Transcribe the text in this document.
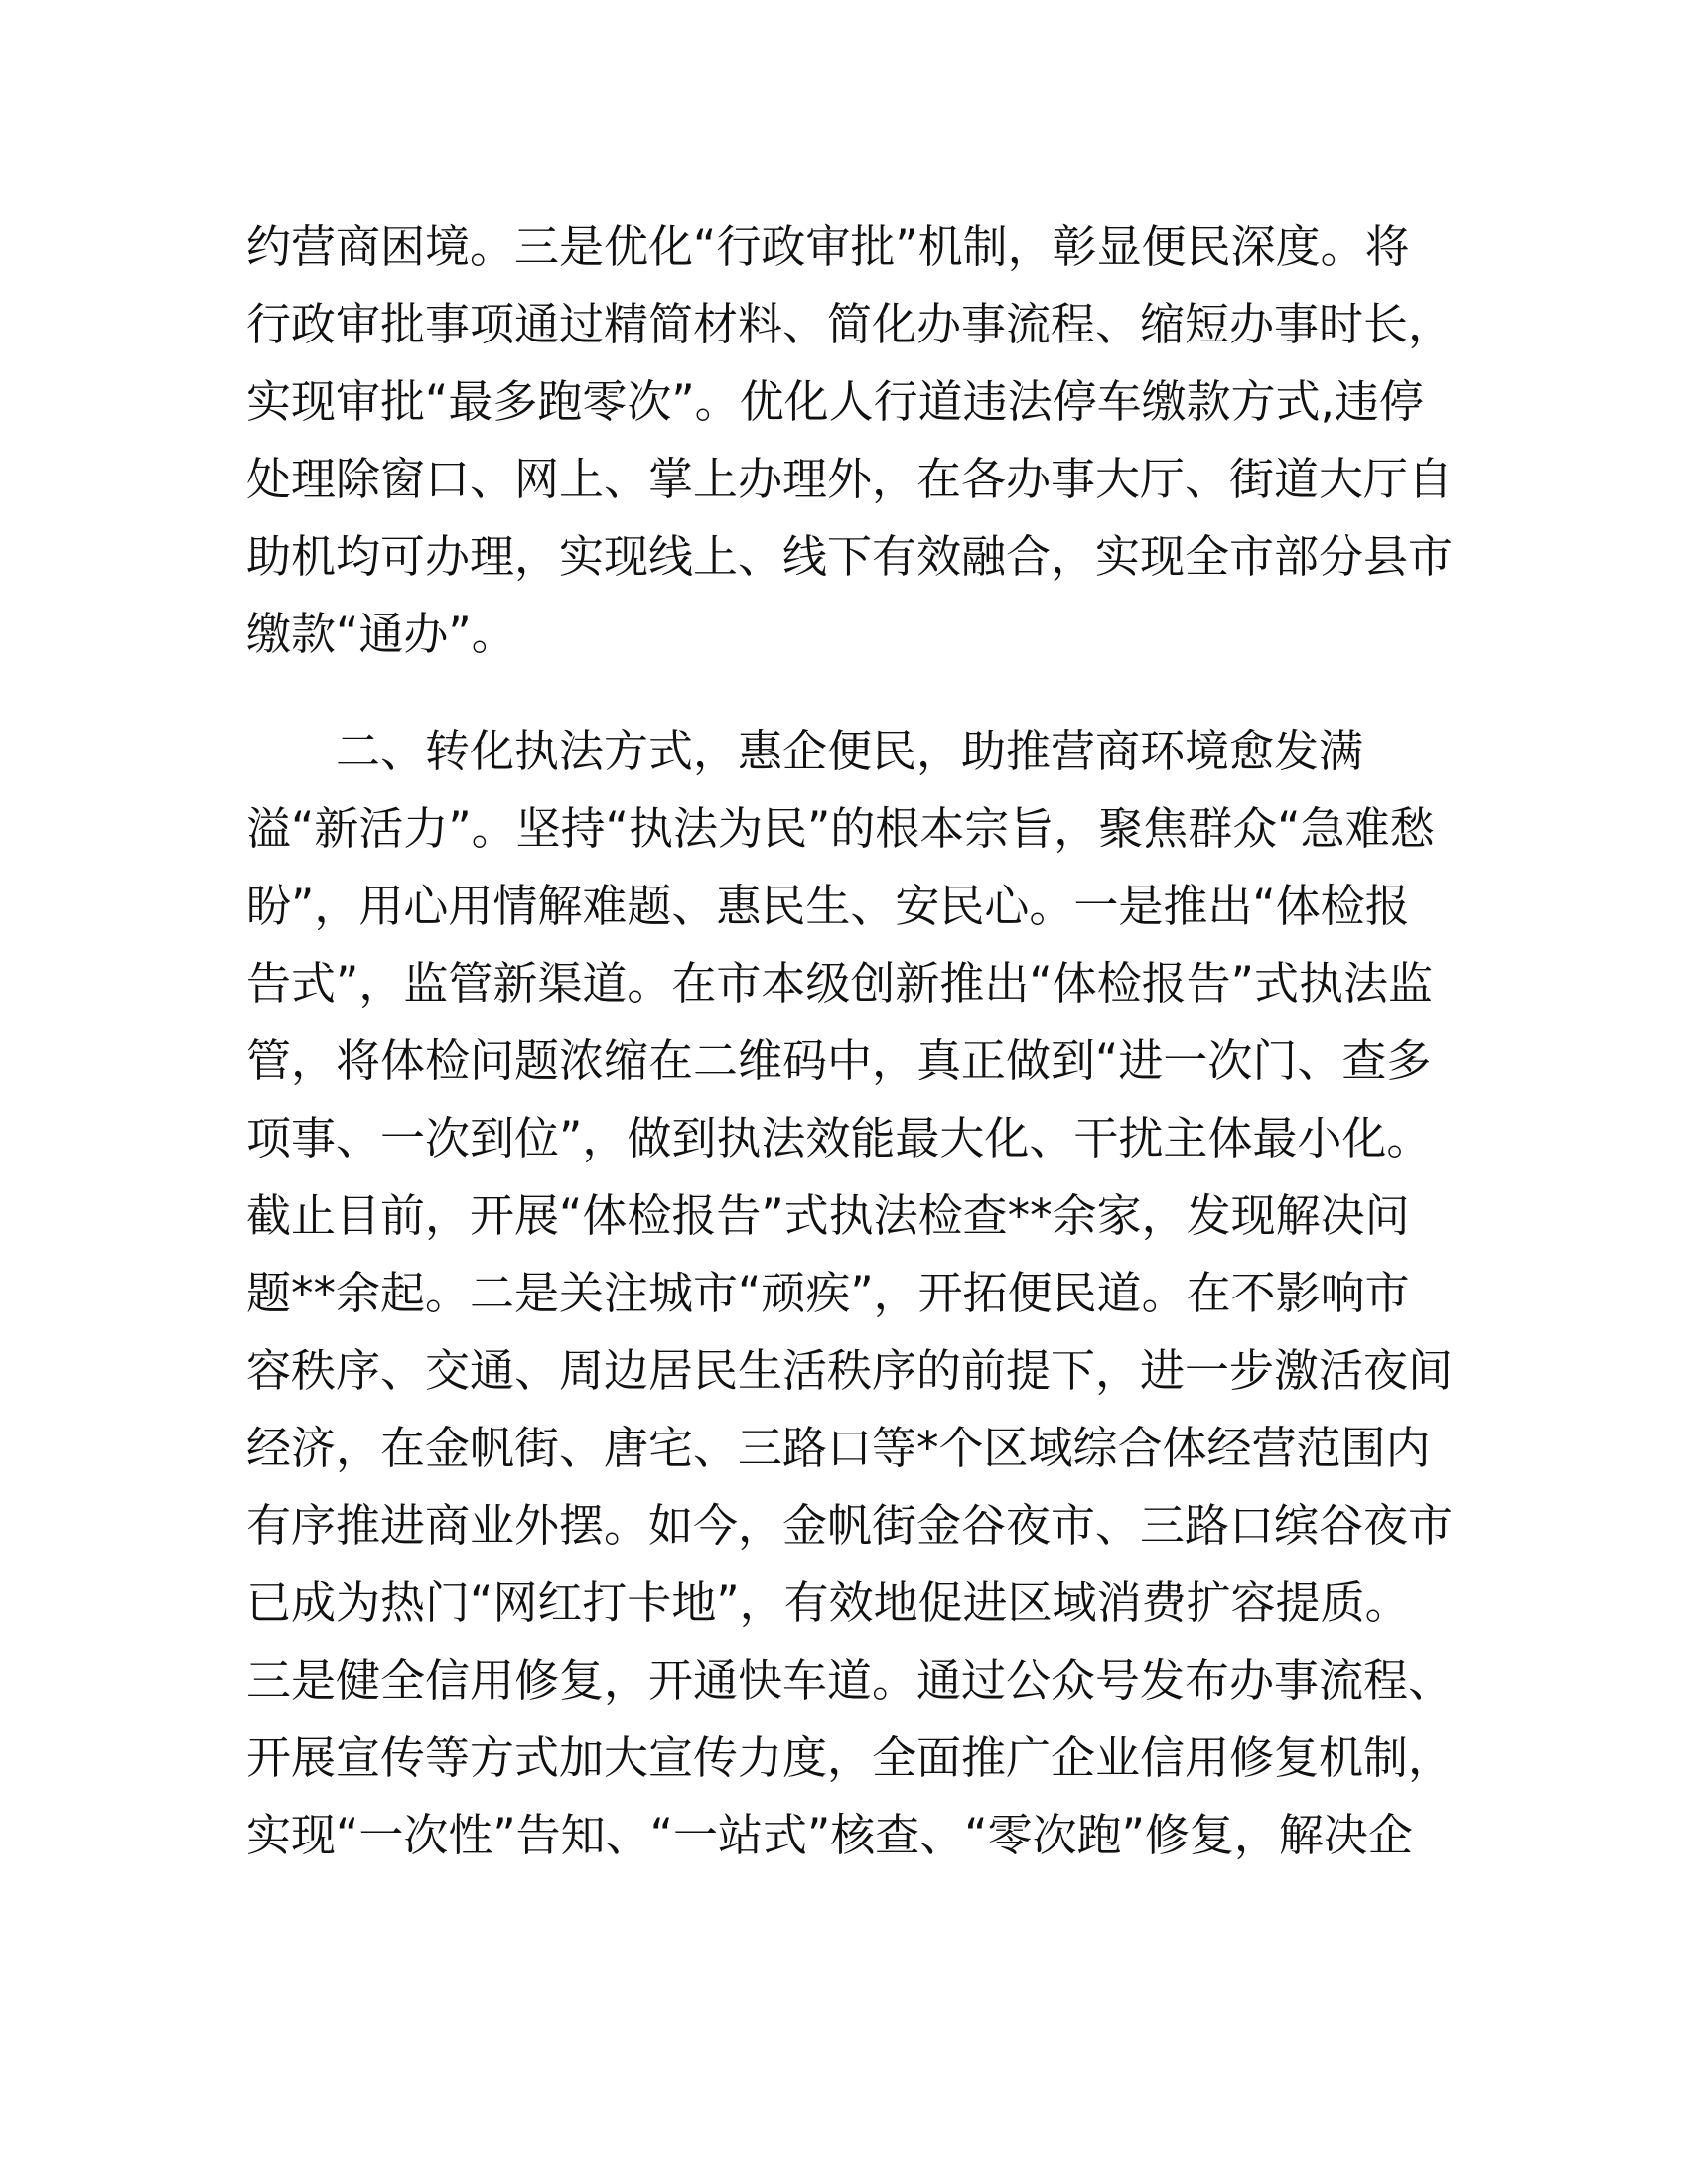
约营商困境。三是优化“行政审批”机制，彰显便民深度。将
行政审批事项通过精简材料、简化办事流程、缩短办事时长，
实现审批“最多跑零次”。优化人行道违法停车缴款方式,违停
处理除窗口、网上、掌上办理外，在各办事大厅、街道大厅自
助机均可办理，实现线上、线下有效融合，实现全市部分县市
缴款“通办”。
二、转化执法方式，惠企便民，助推营商环境愈发满
溢“新活力”。坚持“执法为民”的根本宗旨，聚焦群众“急难愁
盼”，用心用情解难题、惠民生、安民心。一是推出“体检报
告式”，监管新渠道。在市本级创新推出“体检报告”式执法监
管，将体检问题浓缩在二维码中，真正做到“进一次门、查多
项事、一次到位”，做到执法效能最大化、干扰主体最小化。
截止目前，开展“体检报告”式执法检查**余家，发现解决问
题**余起。二是关注城市“顽疾”，开拓便民道。在不影响市
容秩序、交通、周边居民生活秩序的前提下，进一步激活夜间
经济，在金帆街、唐宅、三路口等*个区域综合体经营范围内
有序推进商业外摆。如今，金帆街金谷夜市、三路口缤谷夜市
已成为热门“网红打卡地”，有效地促进区域消费扩容提质。
三是健全信用修复，开通快车道。通过公众号发布办事流程、
开展宣传等方式加大宣传力度，全面推广企业信用修复机制，
实现“一次性”告知、“一站式”核查、“零次跑”修复，解决企
